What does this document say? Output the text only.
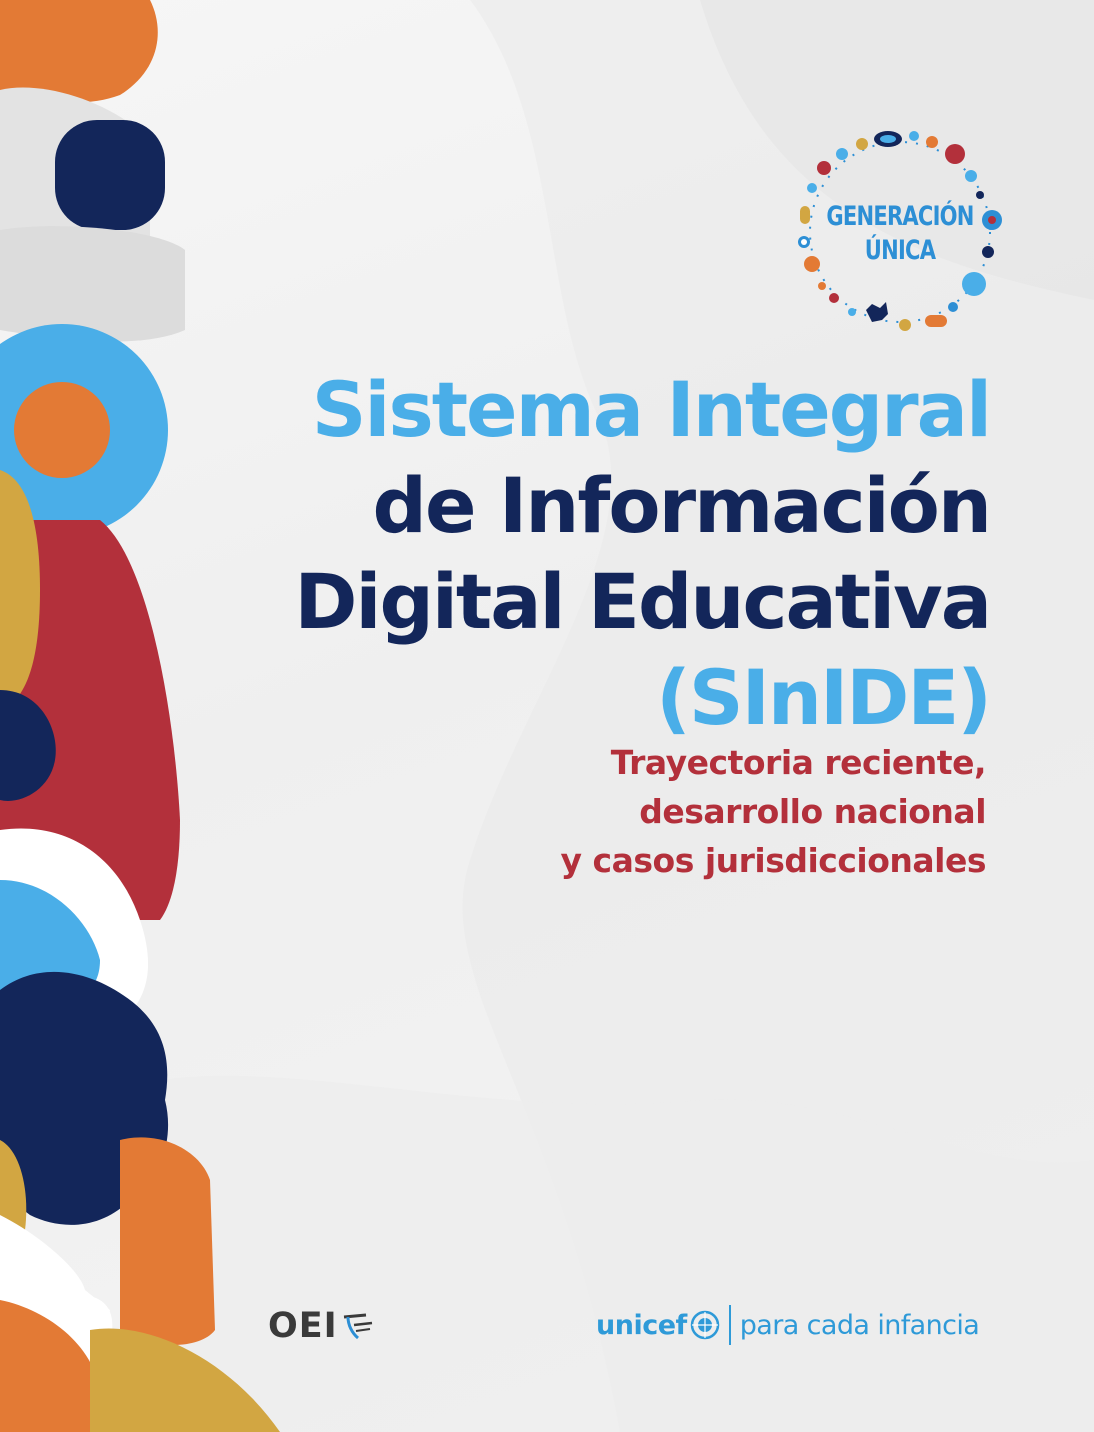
GENERACIÓN
ÚNICA
Sistema Integral
de Información
Digital Educativa
(SInIDE)
Trayectoria reciente,
desarrollo nacional
y casos jurisdiccionales
OEI	unicef para cada infancia
